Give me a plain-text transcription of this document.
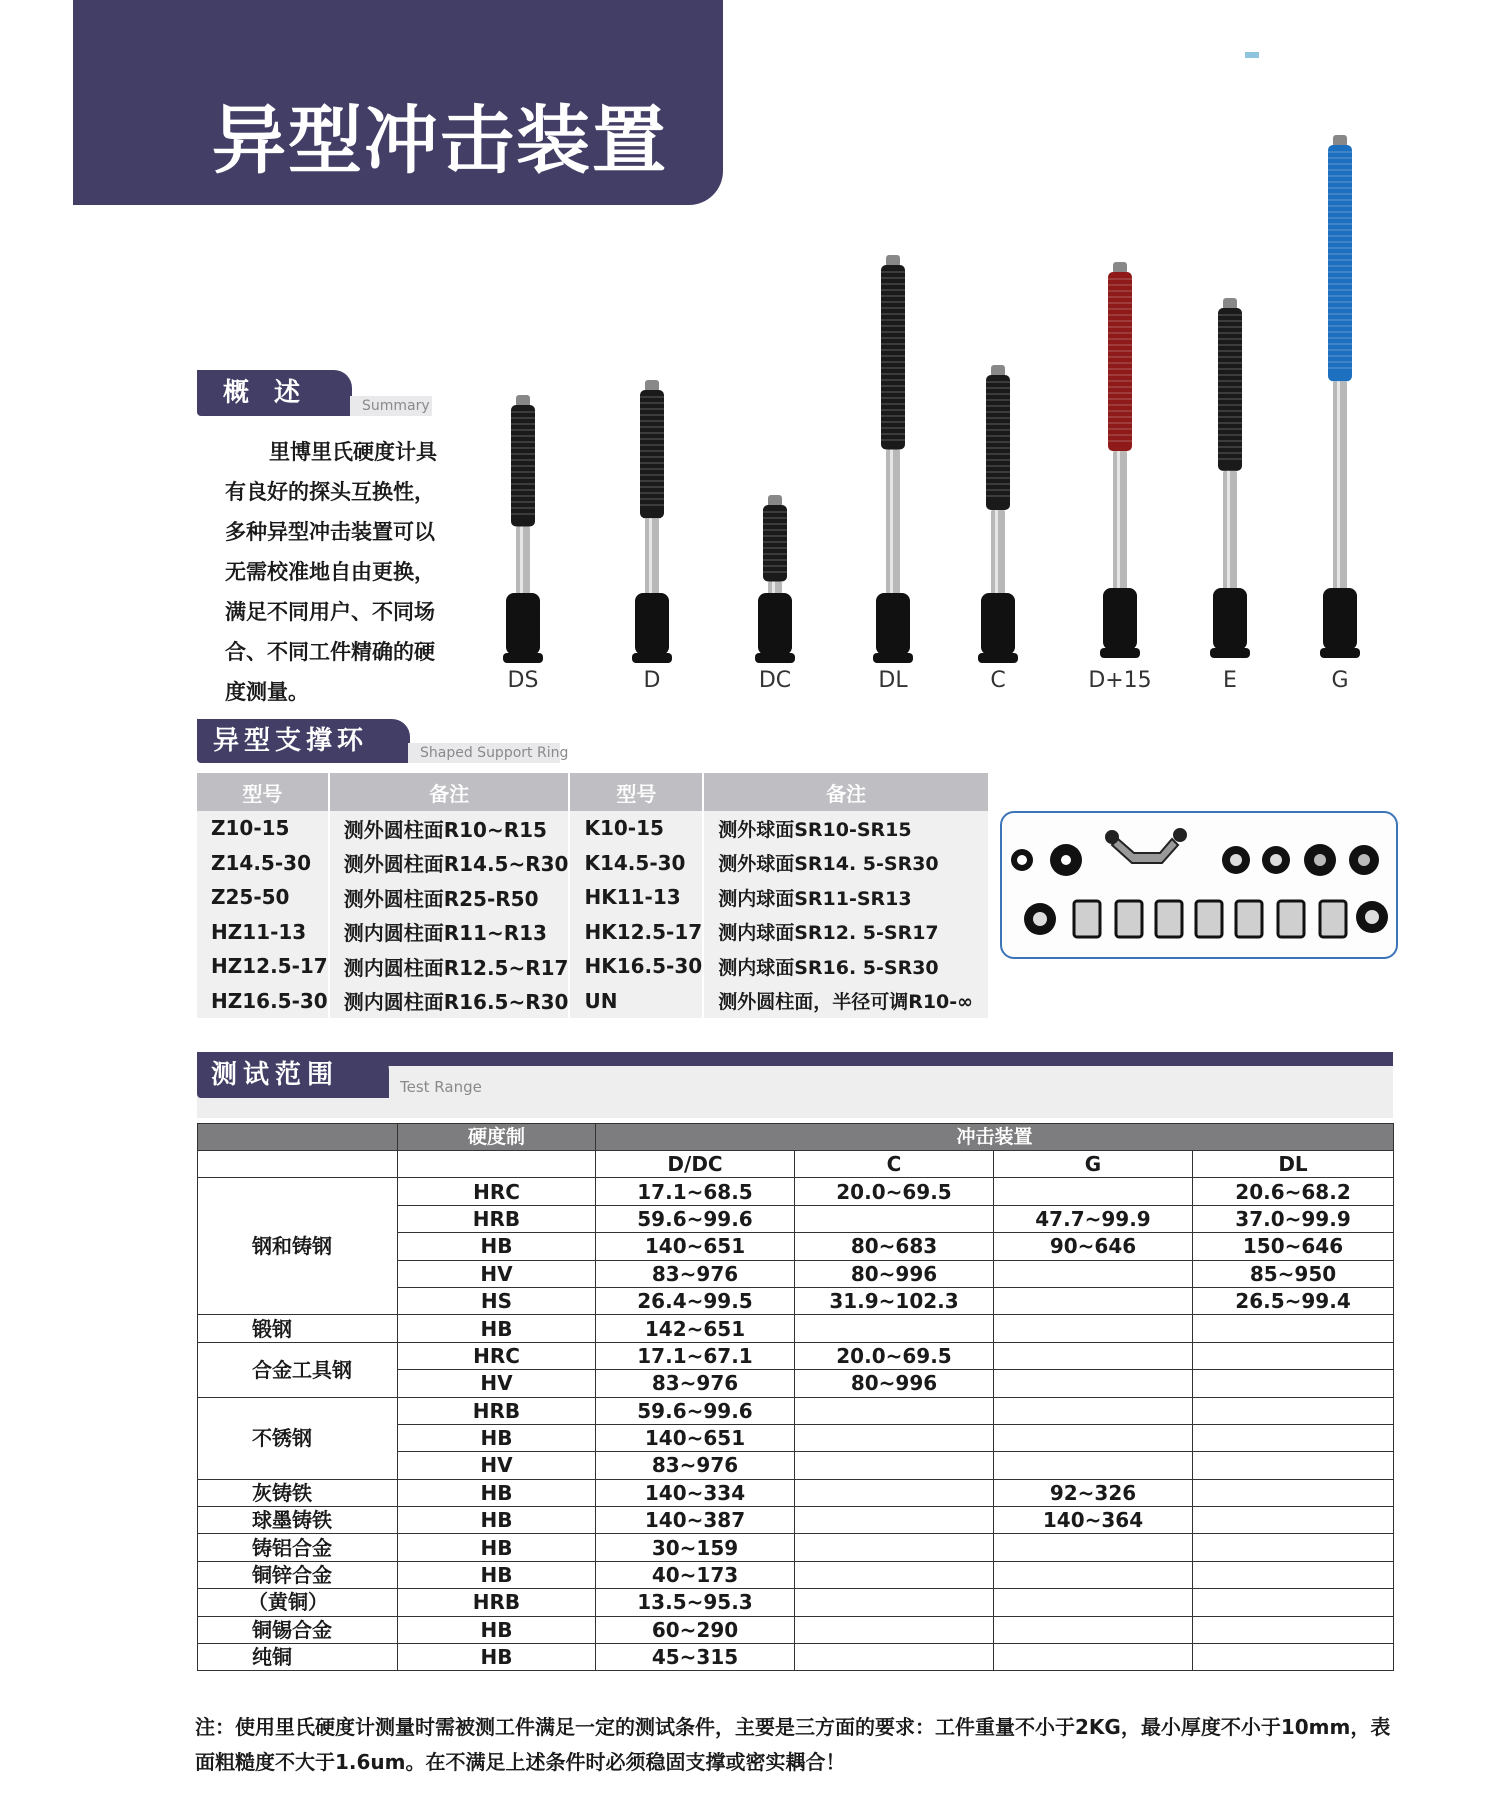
异型冲击装置
概 述	Summary
里博里氏硬度计具
有良好的探头互换性，
多种异型冲击装置可以
无需校准地自由更换，
满足不同用户、不同场
合、不同工件精确的硬
度测量。	DS	D	DC	DL	C	D+15	E	G
异型支撑环	Shaped Support Ring
型号	备注	型号	备注
Z10-15	测外圆柱面R10~R15	K10-15	测外球面SR10-SR15
Z14.5-30	测外圆柱面R14.5~R30	K14.5-30	测外球面SR14. 5-SR30
Z25-50	测外圆柱面R25-R50	HK11-13	测内球面SR11-SR13
HZ11-13	测内圆柱面R11~R13	HK12.5-17	测内球面SR12. 5-SR17
HZ12.5-17	测内圆柱面R12.5~R17	HK16.5-30	测内球面SR16. 5-SR30
HZ16.5-30	测内圆柱面R16.5~R30	UN	测外圆柱面，半径可调R10-∞
测试范围	Test Range
	硬度制	冲击装置			
		D/DC	C	G	DL
钢和铸钢	HRC	17.1~68.5	20.0~69.5		20.6~68.2
	HRB	59.6~99.6		47.7~99.9	37.0~99.9
	HB	140~651	80~683	90~646	150~646
	HV	83~976	80~996		85~950
	HS	26.4~99.5	31.9~102.3		26.5~99.4
锻钢	HB	142~651			
合金工具钢	HRC	17.1~67.1	20.0~69.5		
	HV	83~976	80~996		
不锈钢	HRB	59.6~99.6			
	HB	140~651			
	HV	83~976			
灰铸铁	HB	140~334		92~326	
球墨铸铁	HB	140~387		140~364	
铸铝合金	HB	30~159			
铜锌合金	HB	40~173			
（黄铜）	HRB	13.5~95.3			
铜锡合金	HB	60~290			
纯铜	HB	45~315			
注：使用里氏硬度计测量时需被测工件满足一定的测试条件，主要是三方面的要求：工件重量不小于2KG，最小厚度不小于10mm，表
面粗糙度不大于1.6um。在不满足上述条件时必须稳固支撑或密实耦合！
